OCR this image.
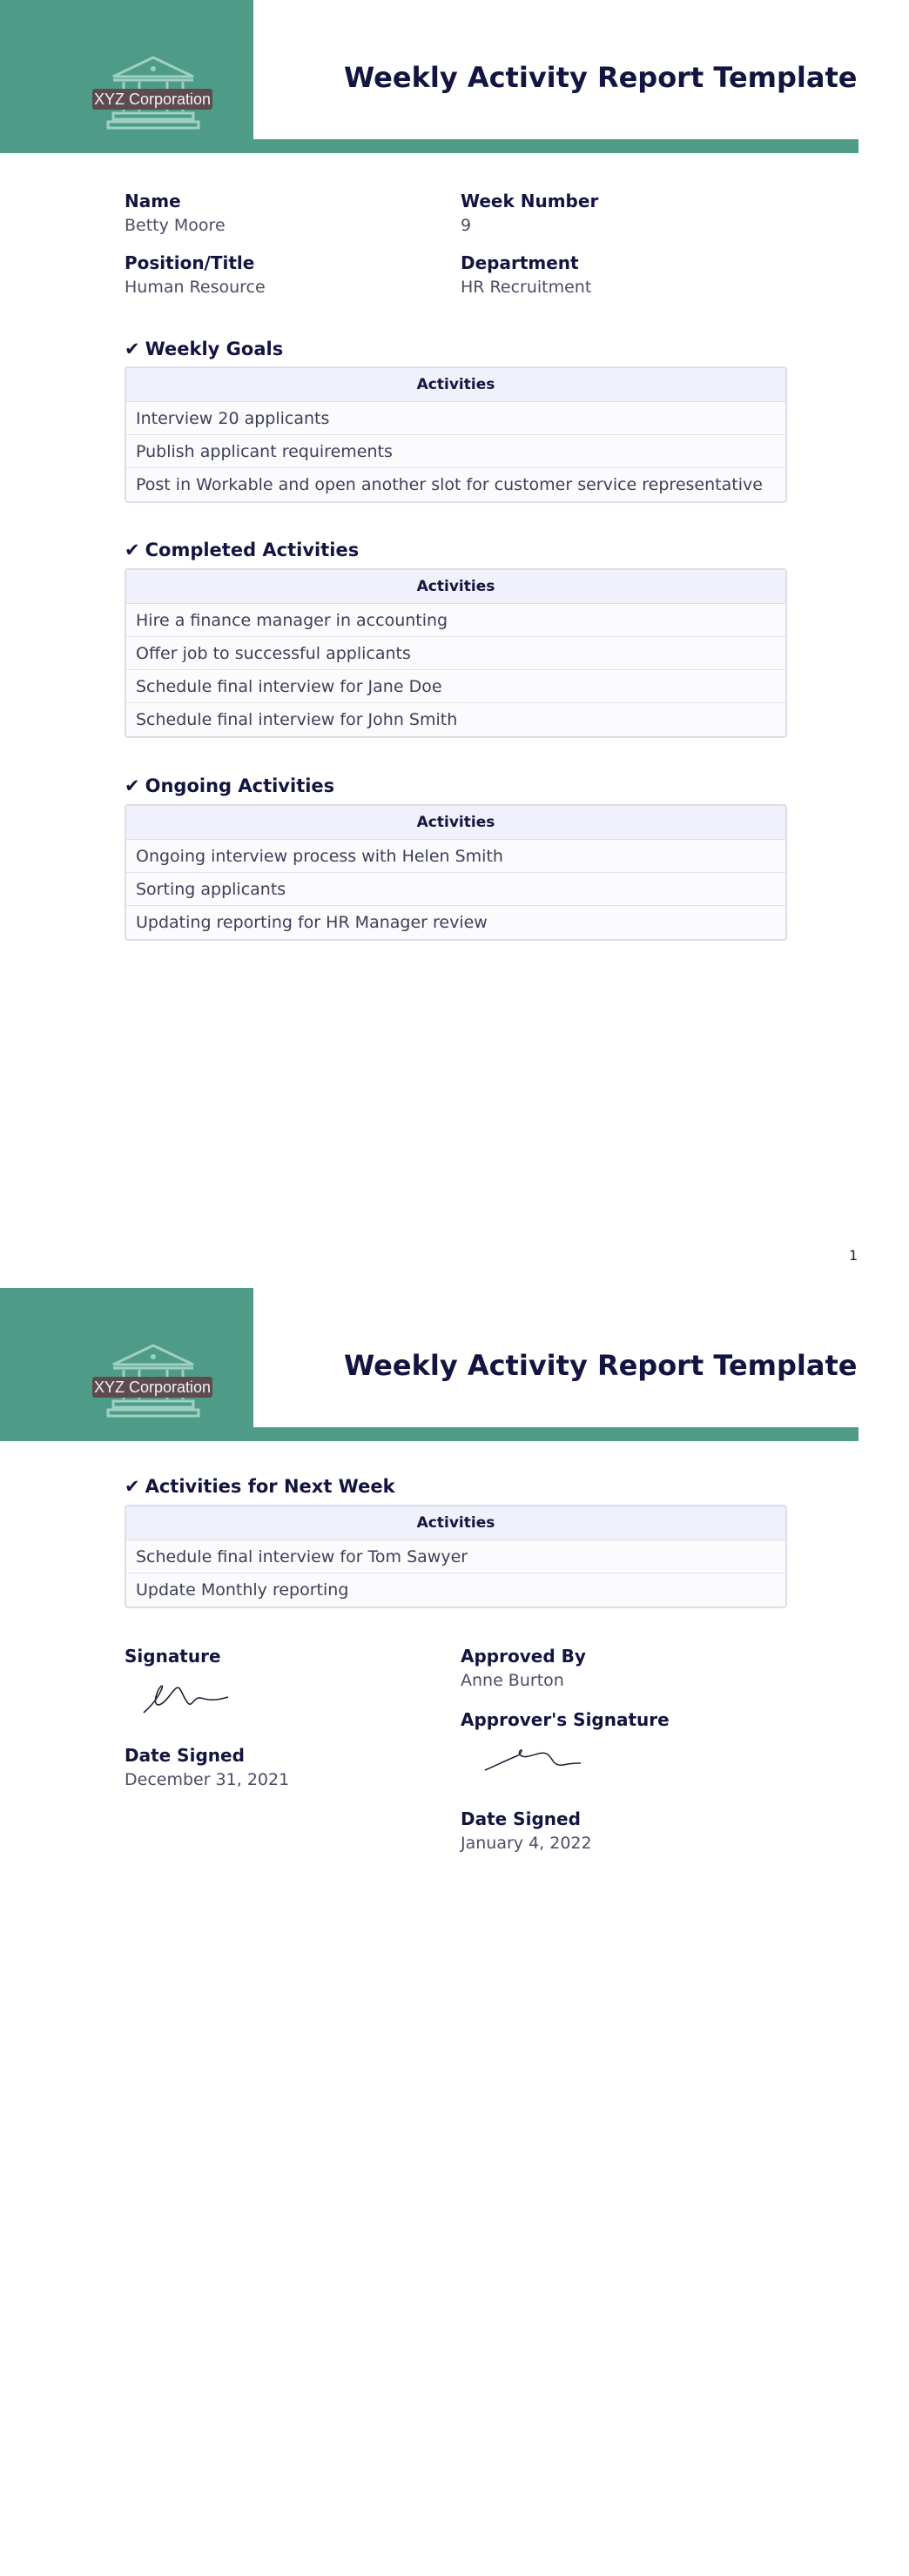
XYZ Corporation
Weekly Activity Report Template
Name
Betty Moore
Week Number
9
Position/Title
Human Resource
Department
HR Recruitment
✔ Weekly Goals
Activities
Interview 20 applicants
Publish applicant requirements
Post in Workable and open another slot for customer service representative
✔ Completed Activities
Activities
Hire a finance manager in accounting
Offer job to successful applicants
Schedule final interview for Jane Doe
Schedule final interview for John Smith
✔ Ongoing Activities
Activities
Ongoing interview process with Helen Smith
Sorting applicants
Updating reporting for HR Manager review
1
XYZ Corporation
Weekly Activity Report Template
✔ Activities for Next Week
Activities
Schedule final interview for Tom Sawyer
Update Monthly reporting
Signature
Date Signed
December 31, 2021
Approved By
Anne Burton
Approver's Signature
Date Signed
January 4, 2022
